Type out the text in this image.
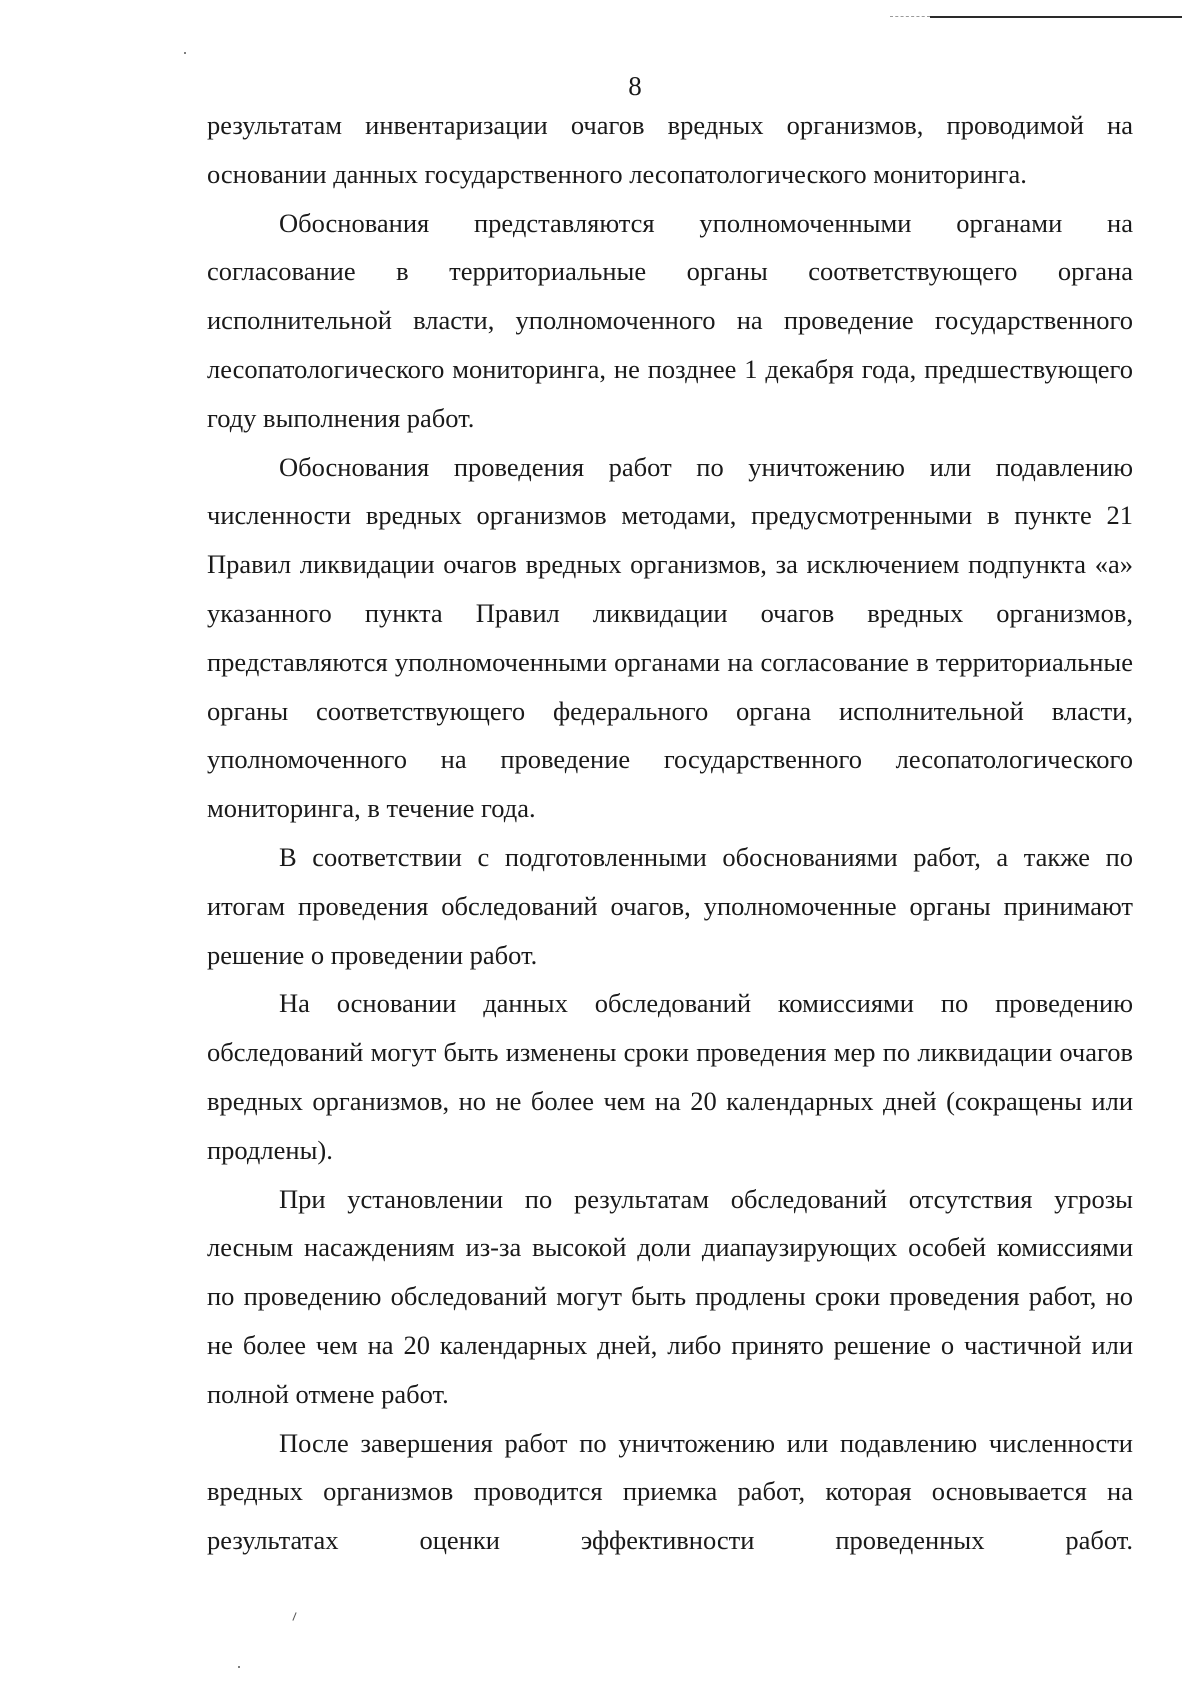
8

результатам инвентаризации очагов вредных организмов, проводимой на основании данных государственного лесопатологического мониторинга.

Обоснования представляются уполномоченными органами на согласование в территориальные органы соответствующего органа исполнительной власти, уполномоченного на проведение государственного лесопатологического мониторинга, не позднее 1 декабря года, предшествующего году выполнения работ.

Обоснования проведения работ по уничтожению или подавлению численности вредных организмов методами, предусмотренными в пункте 21 Правил ликвидации очагов вредных организмов, за исключением подпункта «а» указанного пункта Правил ликвидации очагов вредных организмов, представляются уполномоченными органами на согласование в территориальные органы соответствующего федерального органа исполнительной власти, уполномоченного на проведение государственного лесопатологического мониторинга, в течение года.

В соответствии с подготовленными обоснованиями работ, а также по итогам проведения обследований очагов, уполномоченные органы принимают решение о проведении работ.

На основании данных обследований комиссиями по проведению обследований могут быть изменены сроки проведения мер по ликвидации очагов вредных организмов, но не более чем на 20 календарных дней (сокращены или продлены).

При установлении по результатам обследований отсутствия угрозы лесным насаждениям из-за высокой доли диапаузирующих особей комиссиями по проведению обследований могут быть продлены сроки проведения работ, но не более чем на 20 календарных дней, либо принято решение о частичной или полной отмене работ.

После завершения работ по уничтожению или подавлению численности вредных организмов проводится приемка работ, которая основывается на результатах оценки эффективности проведенных работ.
